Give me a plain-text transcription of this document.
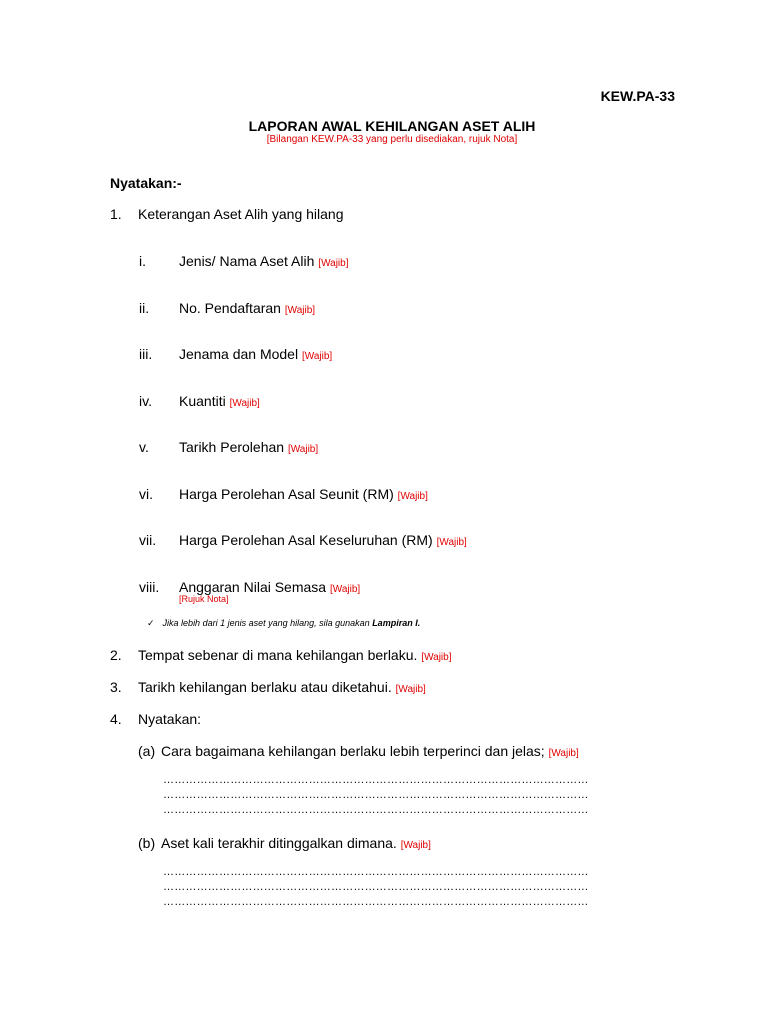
KEW.PA-33
LAPORAN AWAL KEHILANGAN ASET ALIH
[Bilangan KEW.PA-33 yang perlu disediakan, rujuk Nota]
Nyatakan:-
1. Keterangan Aset Alih yang hilang
i. Jenis/ Nama Aset Alih [Wajib]
ii. No. Pendaftaran [Wajib]
iii. Jenama dan Model [Wajib]
iv. Kuantiti [Wajib]
v. Tarikh Perolehan [Wajib]
vi. Harga Perolehan Asal Seunit (RM) [Wajib]
vii. Harga Perolehan Asal Keseluruhan (RM) [Wajib]
viii. Anggaran Nilai Semasa [Wajib]
[Rujuk Nota]
✓ Jika lebih dari 1 jenis aset yang hilang, sila gunakan Lampiran I.
2. Tempat sebenar di mana kehilangan berlaku. [Wajib]
3. Tarikh kehilangan berlaku atau diketahui. [Wajib]
4. Nyatakan:
(a) Cara bagaimana kehilangan berlaku lebih terperinci dan jelas; [Wajib]
……………………………………………………………………………………………………
……………………………………………………………………………………………………
……………………………………………………………………………………………………
(b) Aset kali terakhir ditinggalkan dimana. [Wajib]
……………………………………………………………………………………………………
……………………………………………………………………………………………………
……………………………………………………………………………………………………
